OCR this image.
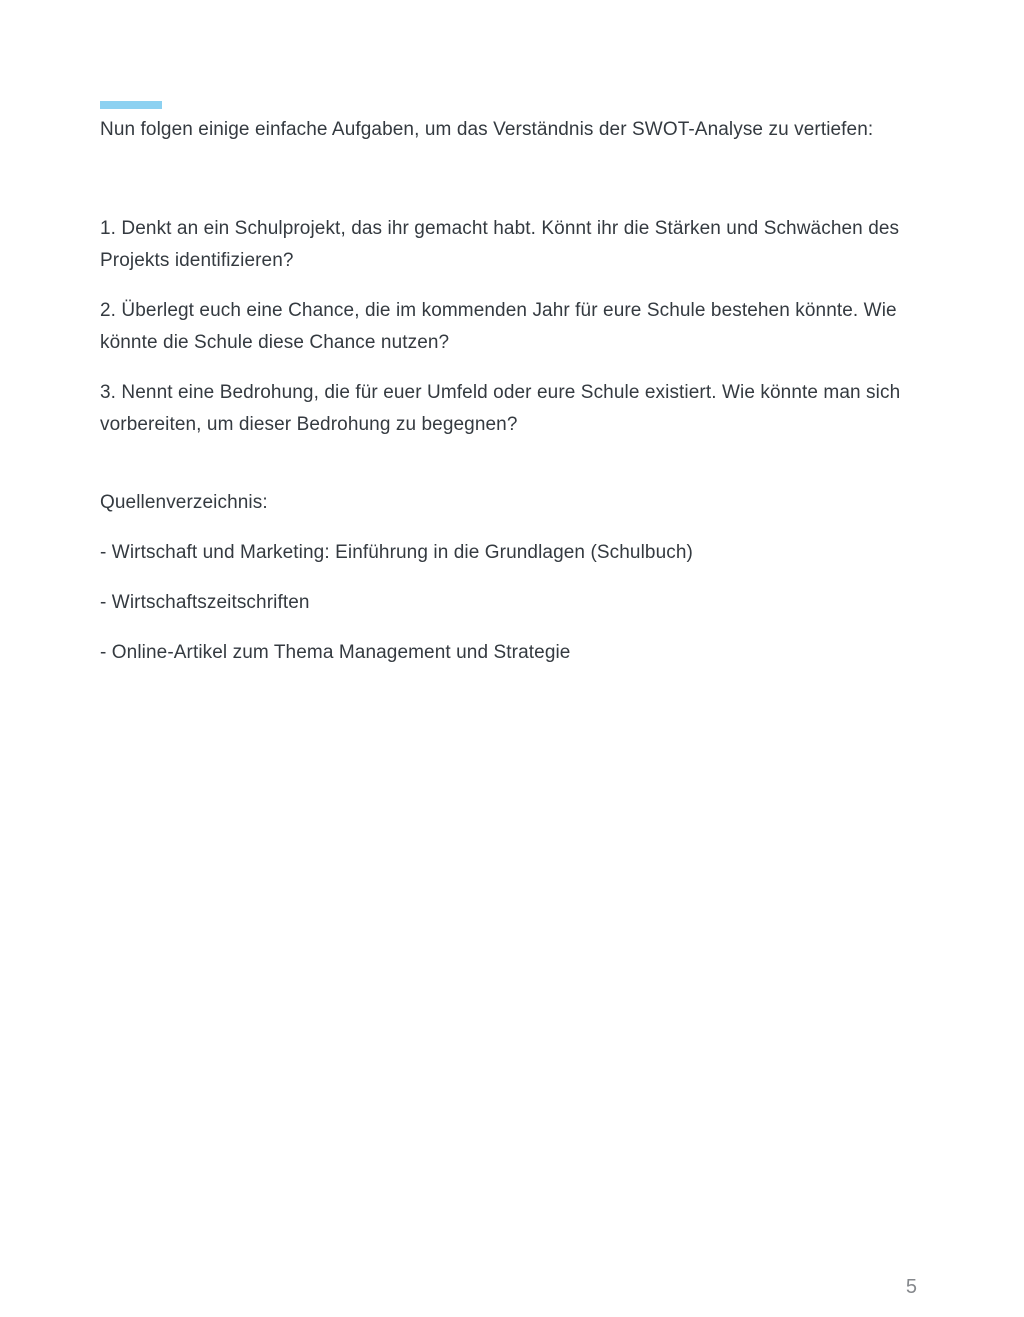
Nun folgen einige einfache Aufgaben, um das Verständnis der SWOT-Analyse zu vertiefen:

1. Denkt an ein Schulprojekt, das ihr gemacht habt. Könnt ihr die Stärken und Schwächen des Projekts identifizieren?

2. Überlegt euch eine Chance, die im kommenden Jahr für eure Schule bestehen könnte. Wie könnte die Schule diese Chance nutzen?

3. Nennt eine Bedrohung, die für euer Umfeld oder eure Schule existiert. Wie könnte man sich vorbereiten, um dieser Bedrohung zu begegnen?

Quellenverzeichnis:

- Wirtschaft und Marketing: Einführung in die Grundlagen (Schulbuch)

- Wirtschaftszeitschriften

- Online-Artikel zum Thema Management und Strategie

5
